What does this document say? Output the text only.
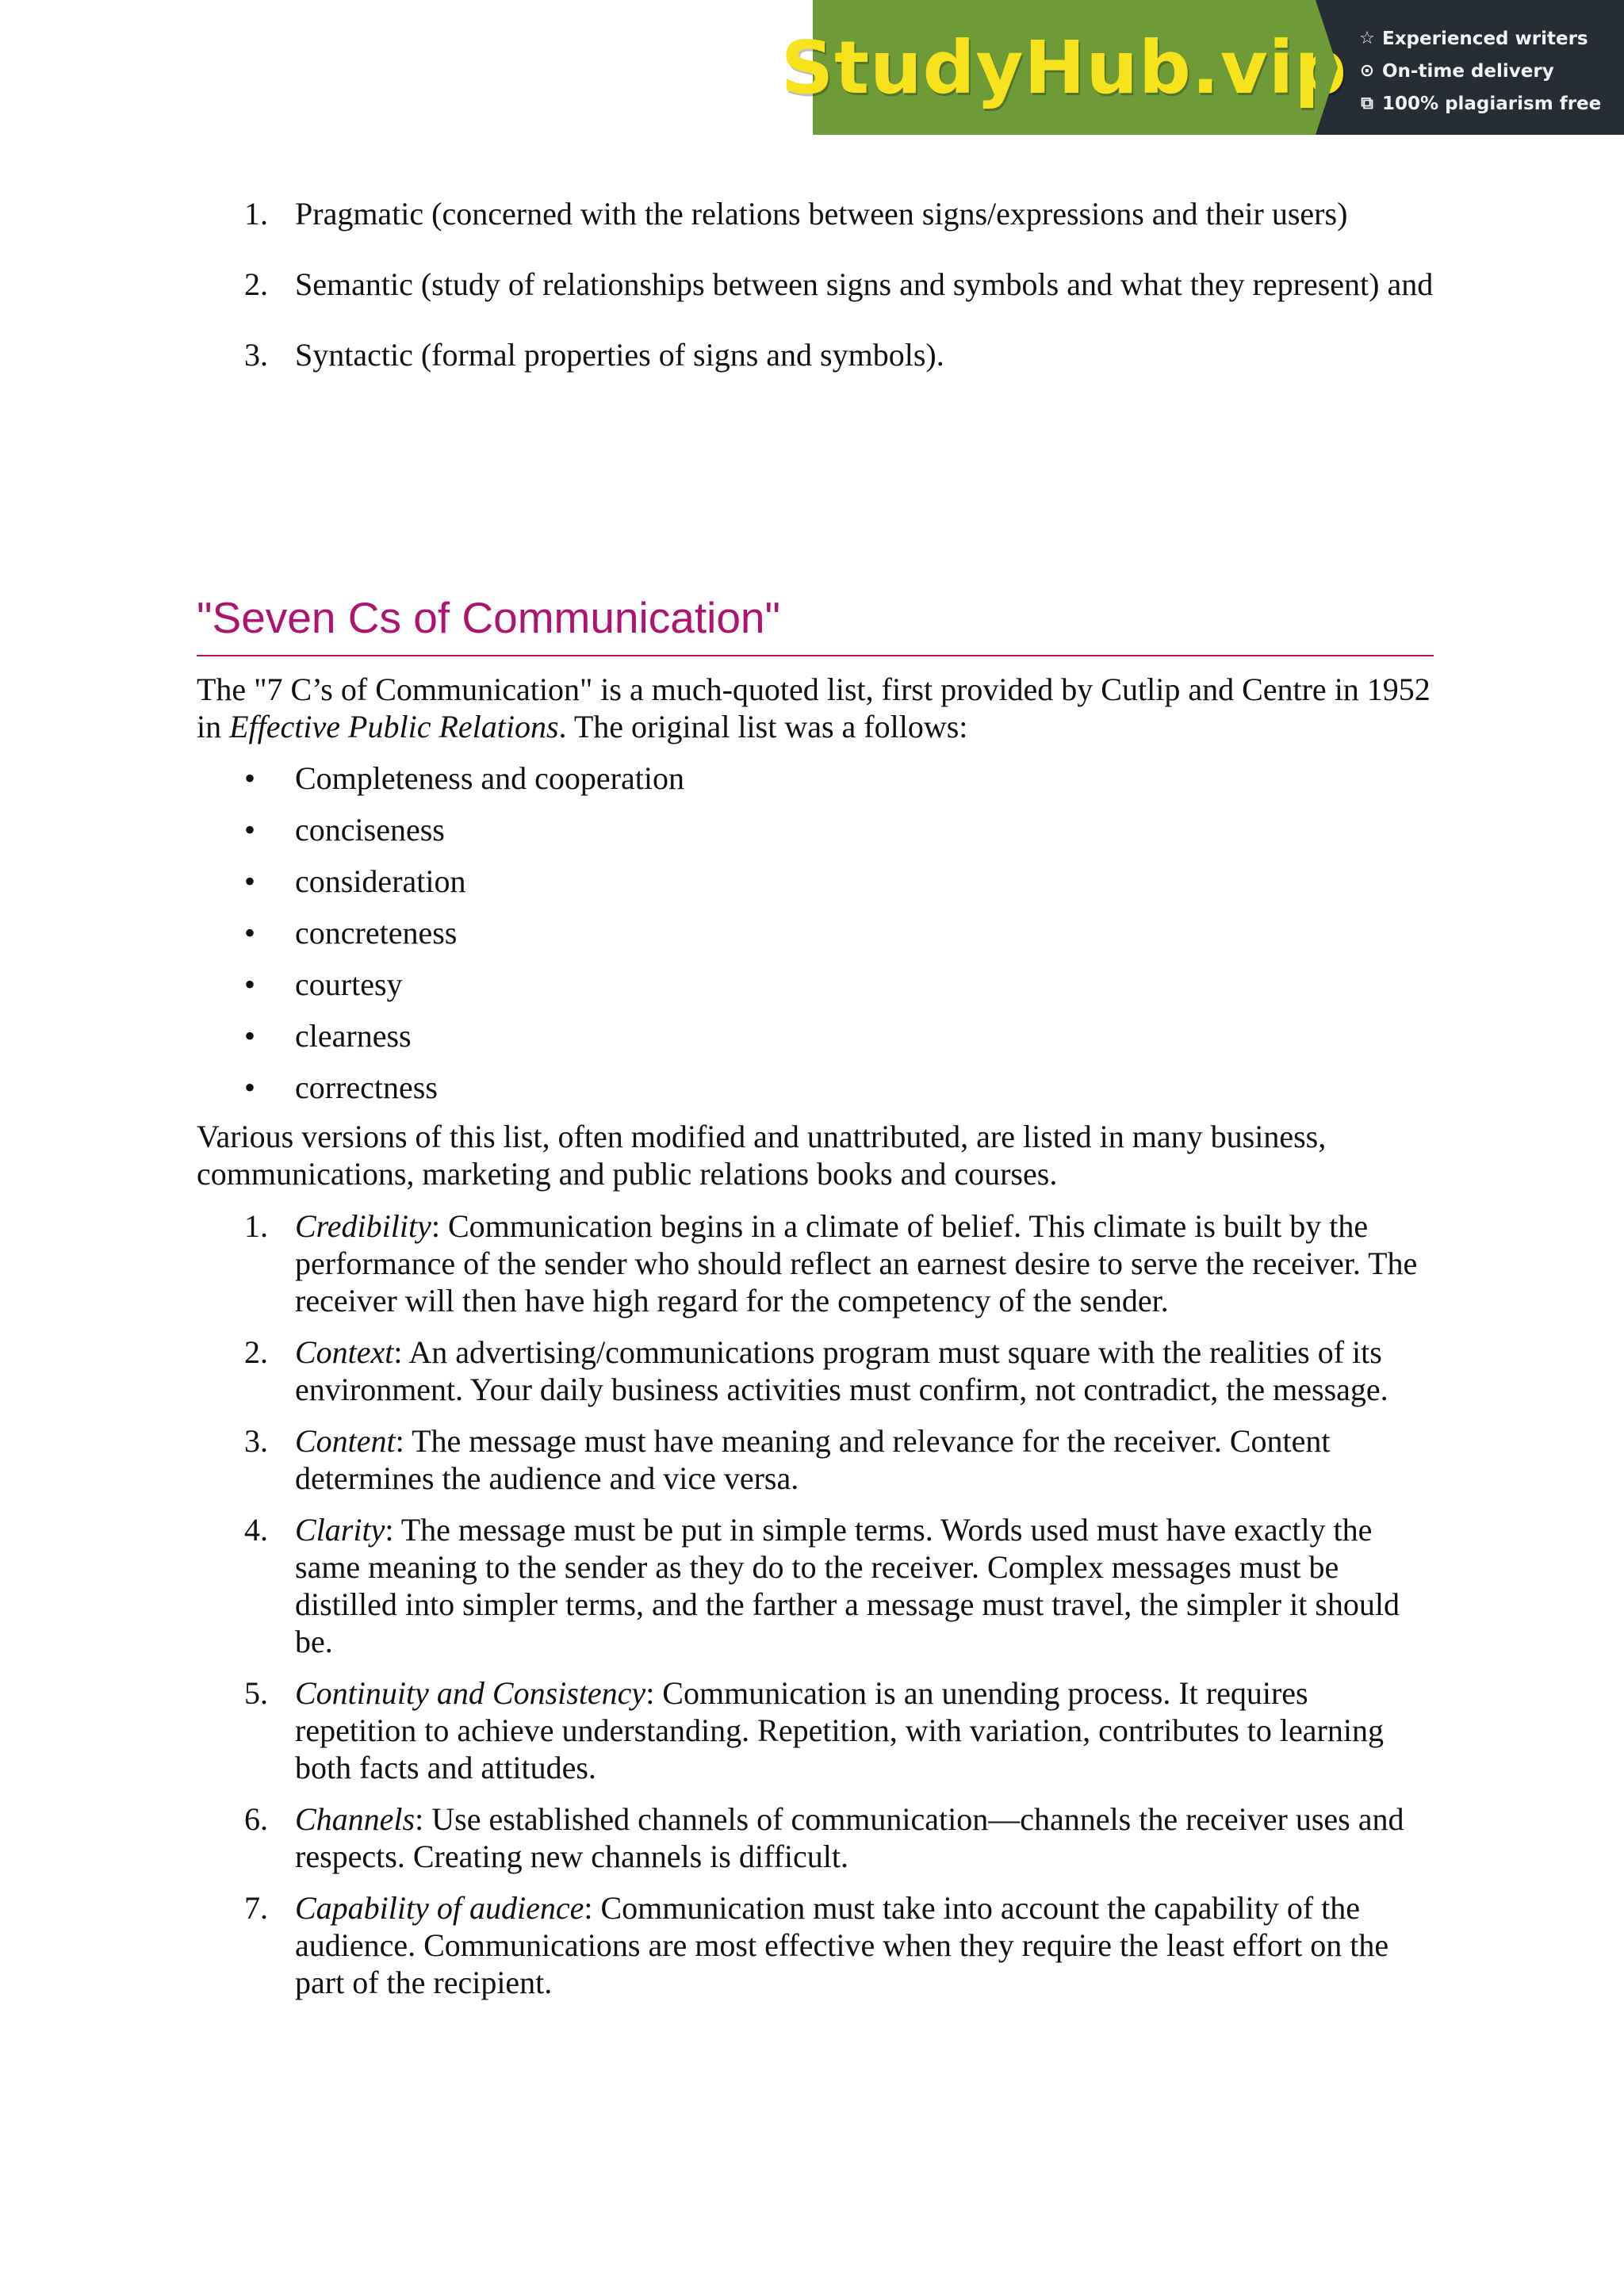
StudyHub.vip ☆ Experienced writers
⊙ On-time delivery
⧉ 100% plagiarism free
1. Pragmatic (concerned with the relations between signs/expressions and their users)
2. Semantic (study of relationships between signs and symbols and what they represent) and
3. Syntactic (formal properties of signs and symbols).
"Seven Cs of Communication"
The "7 C’s of Communication" is a much-quoted list, first provided by Cutlip and Centre in 1952 in Effective Public Relations. The original list was a follows:
• Completeness and cooperation
• conciseness
• consideration
• concreteness
• courtesy
• clearness
• correctness
Various versions of this list, often modified and unattributed, are listed in many business, communications, marketing and public relations books and courses.
1. Credibility: Communication begins in a climate of belief. This climate is built by the performance of the sender who should reflect an earnest desire to serve the receiver. The receiver will then have high regard for the competency of the sender.
2. Context: An advertising/communications program must square with the realities of its environment. Your daily business activities must confirm, not contradict, the message.
3. Content: The message must have meaning and relevance for the receiver. Content determines the audience and vice versa.
4. Clarity: The message must be put in simple terms. Words used must have exactly the same meaning to the sender as they do to the receiver. Complex messages must be distilled into simpler terms, and the farther a message must travel, the simpler it should be.
5. Continuity and Consistency: Communication is an unending process. It requires repetition to achieve understanding. Repetition, with variation, contributes to learning both facts and attitudes.
6. Channels: Use established channels of communication—channels the receiver uses and respects. Creating new channels is difficult.
7. Capability of audience: Communication must take into account the capability of the audience. Communications are most effective when they require the least effort on the part of the recipient.
